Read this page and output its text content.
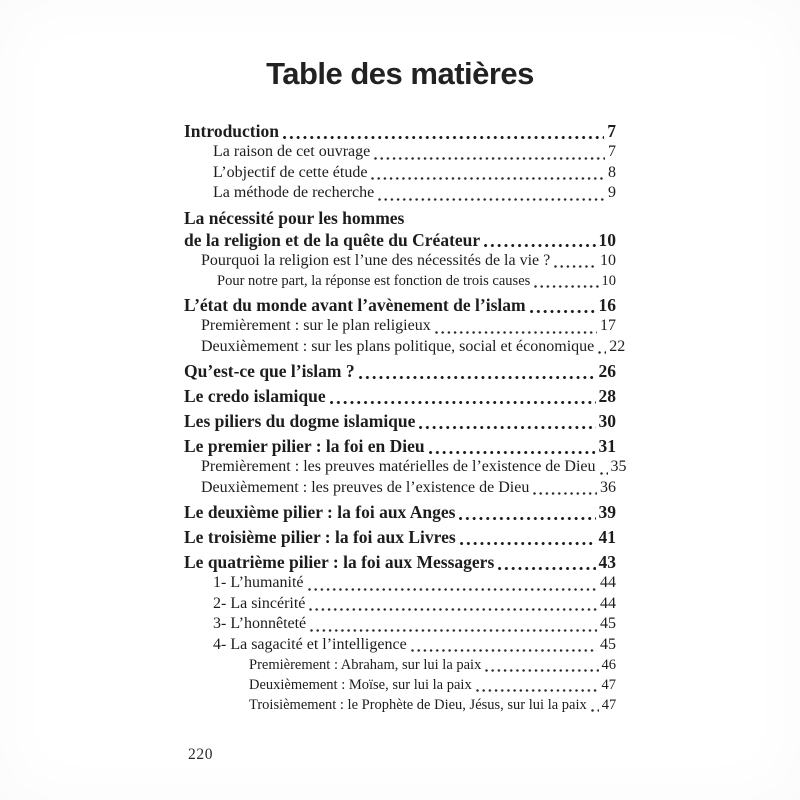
Table des matières
Introduction	7
La raison de cet ouvrage	7
L’objectif de cette étude	8
La méthode de recherche	9
La nécessité pour les hommes
de la religion et de la quête du Créateur	10
Pourquoi la religion est l’une des nécessités de la vie ?	10
Pour notre part, la réponse est fonction de trois causes	10
L’état du monde avant l’avènement de l’islam	16
Premièrement : sur le plan religieux	17
Deuxièmement : sur les plans politique, social et économique 22
Qu’est-ce que l’islam ?	26
Le credo islamique	28
Les piliers du dogme islamique	30
Le premier pilier : la foi en Dieu	31
Premièrement : les preuves matérielles de l’existence de Dieu 35
Deuxièmement : les preuves de l’existence de Dieu	36
Le deuxième pilier : la foi aux Anges	39
Le troisième pilier : la foi aux Livres	41
Le quatrième pilier : la foi aux Messagers	43
1- L’humanité	44
2- La sincérité	44
3- L’honnêteté	45
4- La sagacité et l’intelligence	45
Premièrement : Abraham, sur lui la paix	46
Deuxièmement : Moïse, sur lui la paix	47
Troisièmement : le Prophète de Dieu, Jésus, sur lui la paix 47
220
